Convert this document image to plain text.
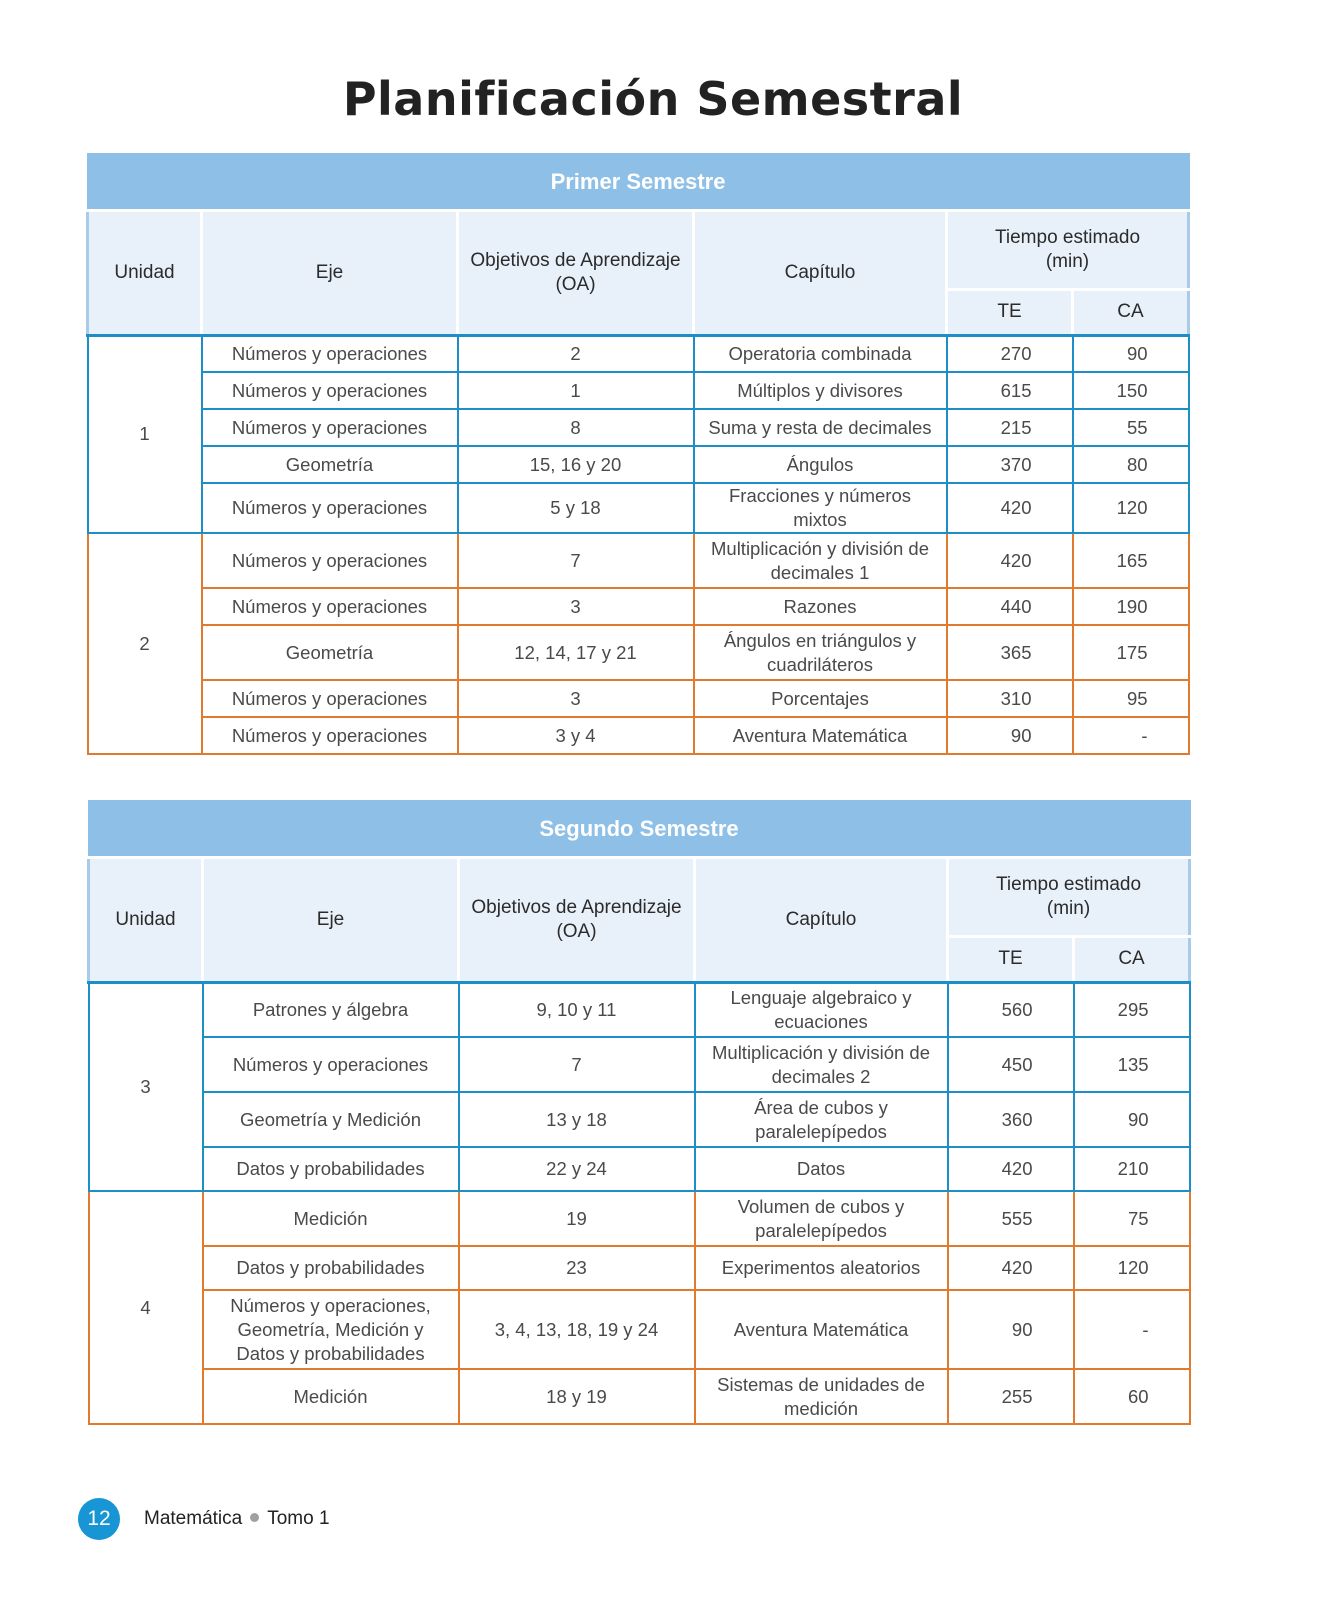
Planificación Semestral
Primer Semestre					
Unidad	Eje	Objetivos de Aprendizaje (OA)	Capítulo	Tiempo estimado (min)	
				TE	CA
1	Números y operaciones	2	Operatoria combinada	270	90
	Números y operaciones	1	Múltiplos y divisores	615	150
	Números y operaciones	8	Suma y resta de decimales	215	55
	Geometría	15, 16 y 20	Ángulos	370	80
	Números y operaciones	5 y 18	Fracciones y números mixtos	420	120
2	Números y operaciones	7	Multiplicación y división de decimales 1	420	165
	Números y operaciones	3	Razones	440	190
	Geometría	12, 14, 17 y 21	Ángulos en triángulos y cuadriláteros	365	175
	Números y operaciones	3	Porcentajes	310	95
	Números y operaciones	3 y 4	Aventura Matemática	90	-
Segundo Semestre					
Unidad	Eje	Objetivos de Aprendizaje (OA)	Capítulo	Tiempo estimado (min)	
				TE	CA
3	Patrones y álgebra	9, 10 y 11	Lenguaje algebraico y ecuaciones	560	295
	Números y operaciones	7	Multiplicación y división de decimales 2	450	135
	Geometría y Medición	13 y 18	Área de cubos y paralelepípedos	360	90
	Datos y probabilidades	22 y 24	Datos	420	210
4	Medición	19	Volumen de cubos y paralelepípedos	555	75
	Datos y probabilidades	23	Experimentos aleatorios	420	120
	Números y operaciones, Geometría, Medición y Datos y probabilidades	3, 4, 13, 18, 19 y 24	Aventura Matemática	90	-
	Medición	18 y 19	Sistemas de unidades de medición	255	60
12	Matemática Tomo 1
